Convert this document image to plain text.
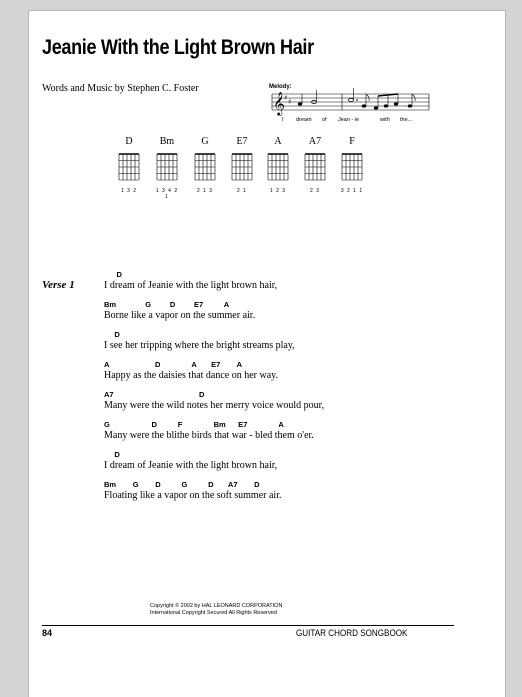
Jeanie With the Light Brown Hair
Words and Music by Stephen C. Foster	Melody:
𝄞 ♯ ♯
I dream of Jean - ie	with the...
D
1 3 2
Bm
1 3 4 2 1
G
2 1 3
E7
2 1
A
1 2 3
A7
2 3
F
3 2 1 1
Verse 1
D
I dream of Jeanie with the light brown hair,
Bm              G         D         E7          A
Borne like a vapor on the summer air.
D
I see her tripping where the bright streams play,
A                      D               A       E7        A
Happy as the daisies that dance on her way.
A7                                         D
Many were the wild notes her merry voice would pour,
G                    D          F               Bm      E7               A
Many were the blithe birds that war - bled them o'er.
D
I dream of Jeanie with the light brown hair,
Bm        G        D          G          D       A7        D
Floating like a vapor on the soft summer air.
Copyright © 2002 by HAL LEONARD CORPORATION
International Copyright Secured All Rights Reserved
84	GUITAR CHORD SONGBOOK
